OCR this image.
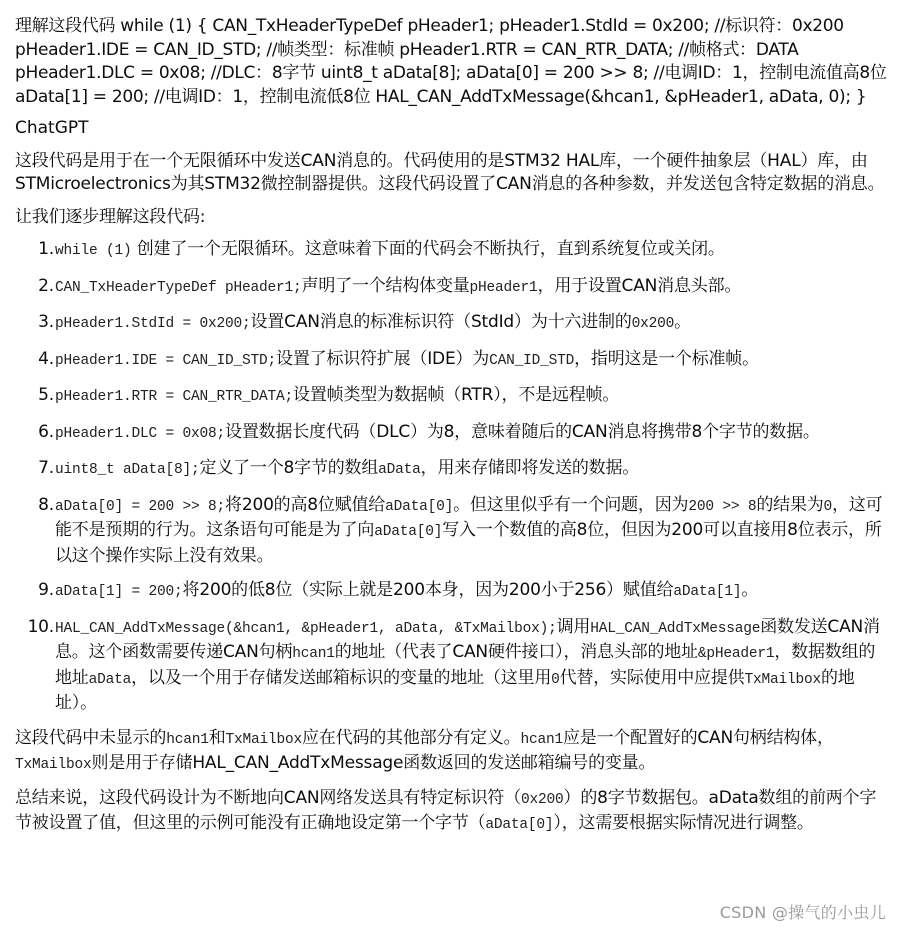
理解这段代码 while (1) { CAN_TxHeaderTypeDef pHeader1; pHeader1.StdId = 0x200; //标识符：0x200 pHeader1.IDE = CAN_ID_STD; //帧类型：标准帧 pHeader1.RTR = CAN_RTR_DATA; //帧格式：DATA pHeader1.DLC = 0x08; //DLC：8字节 uint8_t aData[8]; aData[0] = 200 >> 8; //电调ID：1，控制电流值高8位 aData[1] = 200; //电调ID：1，控制电流低8位 HAL_CAN_AddTxMessage(&hcan1, &pHeader1, aData, 0); }
ChatGPT

这段代码是用于在一个无限循环中发送CAN消息的。代码使用的是STM32 HAL库，一个硬件抽象层（HAL）库，由STMicroelectronics为其STM32微控制器提供。这段代码设置了CAN消息的各种参数，并发送包含特定数据的消息。

让我们逐步理解这段代码:

1. while (1) 创建了一个无限循环。这意味着下面的代码会不断执行，直到系统复位或关闭。
2. CAN_TxHeaderTypeDef pHeader1;声明了一个结构体变量pHeader1，用于设置CAN消息头部。
3. pHeader1.StdId = 0x200;设置CAN消息的标准标识符（StdId）为十六进制的0x200。
4. pHeader1.IDE = CAN_ID_STD;设置了标识符扩展（IDE）为CAN_ID_STD，指明这是一个标准帧。
5. pHeader1.RTR = CAN_RTR_DATA;设置帧类型为数据帧（RTR），不是远程帧。
6. pHeader1.DLC = 0x08;设置数据长度代码（DLC）为8，意味着随后的CAN消息将携带8个字节的数据。
7. uint8_t aData[8];定义了一个8字节的数组aData，用来存储即将发送的数据。
8. aData[0] = 200 >> 8;将200的高8位赋值给aData[0]。但这里似乎有一个问题，因为200 >> 8的结果为0，这可能不是预期的行为。这条语句可能是为了向aData[0]写入一个数值的高8位，但因为200可以直接用8位表示，所以这个操作实际上没有效果。
9. aData[1] = 200;将200的低8位（实际上就是200本身，因为200小于256）赋值给aData[1]。
10. HAL_CAN_AddTxMessage(&hcan1, &pHeader1, aData, &TxMailbox);调用HAL_CAN_AddTxMessage函数发送CAN消息。这个函数需要传递CAN句柄hcan1的地址（代表了CAN硬件接口），消息头部的地址&pHeader1，数据数组的地址aData，以及一个用于存储发送邮箱标识的变量的地址（这里用0代替，实际使用中应提供TxMailbox的地址）。

这段代码中未显示的hcan1和TxMailbox应在代码的其他部分有定义。hcan1应是一个配置好的CAN句柄结构体，TxMailbox则是用于存储HAL_CAN_AddTxMessage函数返回的发送邮箱编号的变量。

总结来说，这段代码设计为不断地向CAN网络发送具有特定标识符（0x200）的8字节数据包。aData数组的前两个字节被设置了值，但这里的示例可能没有正确地设定第一个字节（aData[0]），这需要根据实际情况进行调整。

CSDN @操气的小虫儿
